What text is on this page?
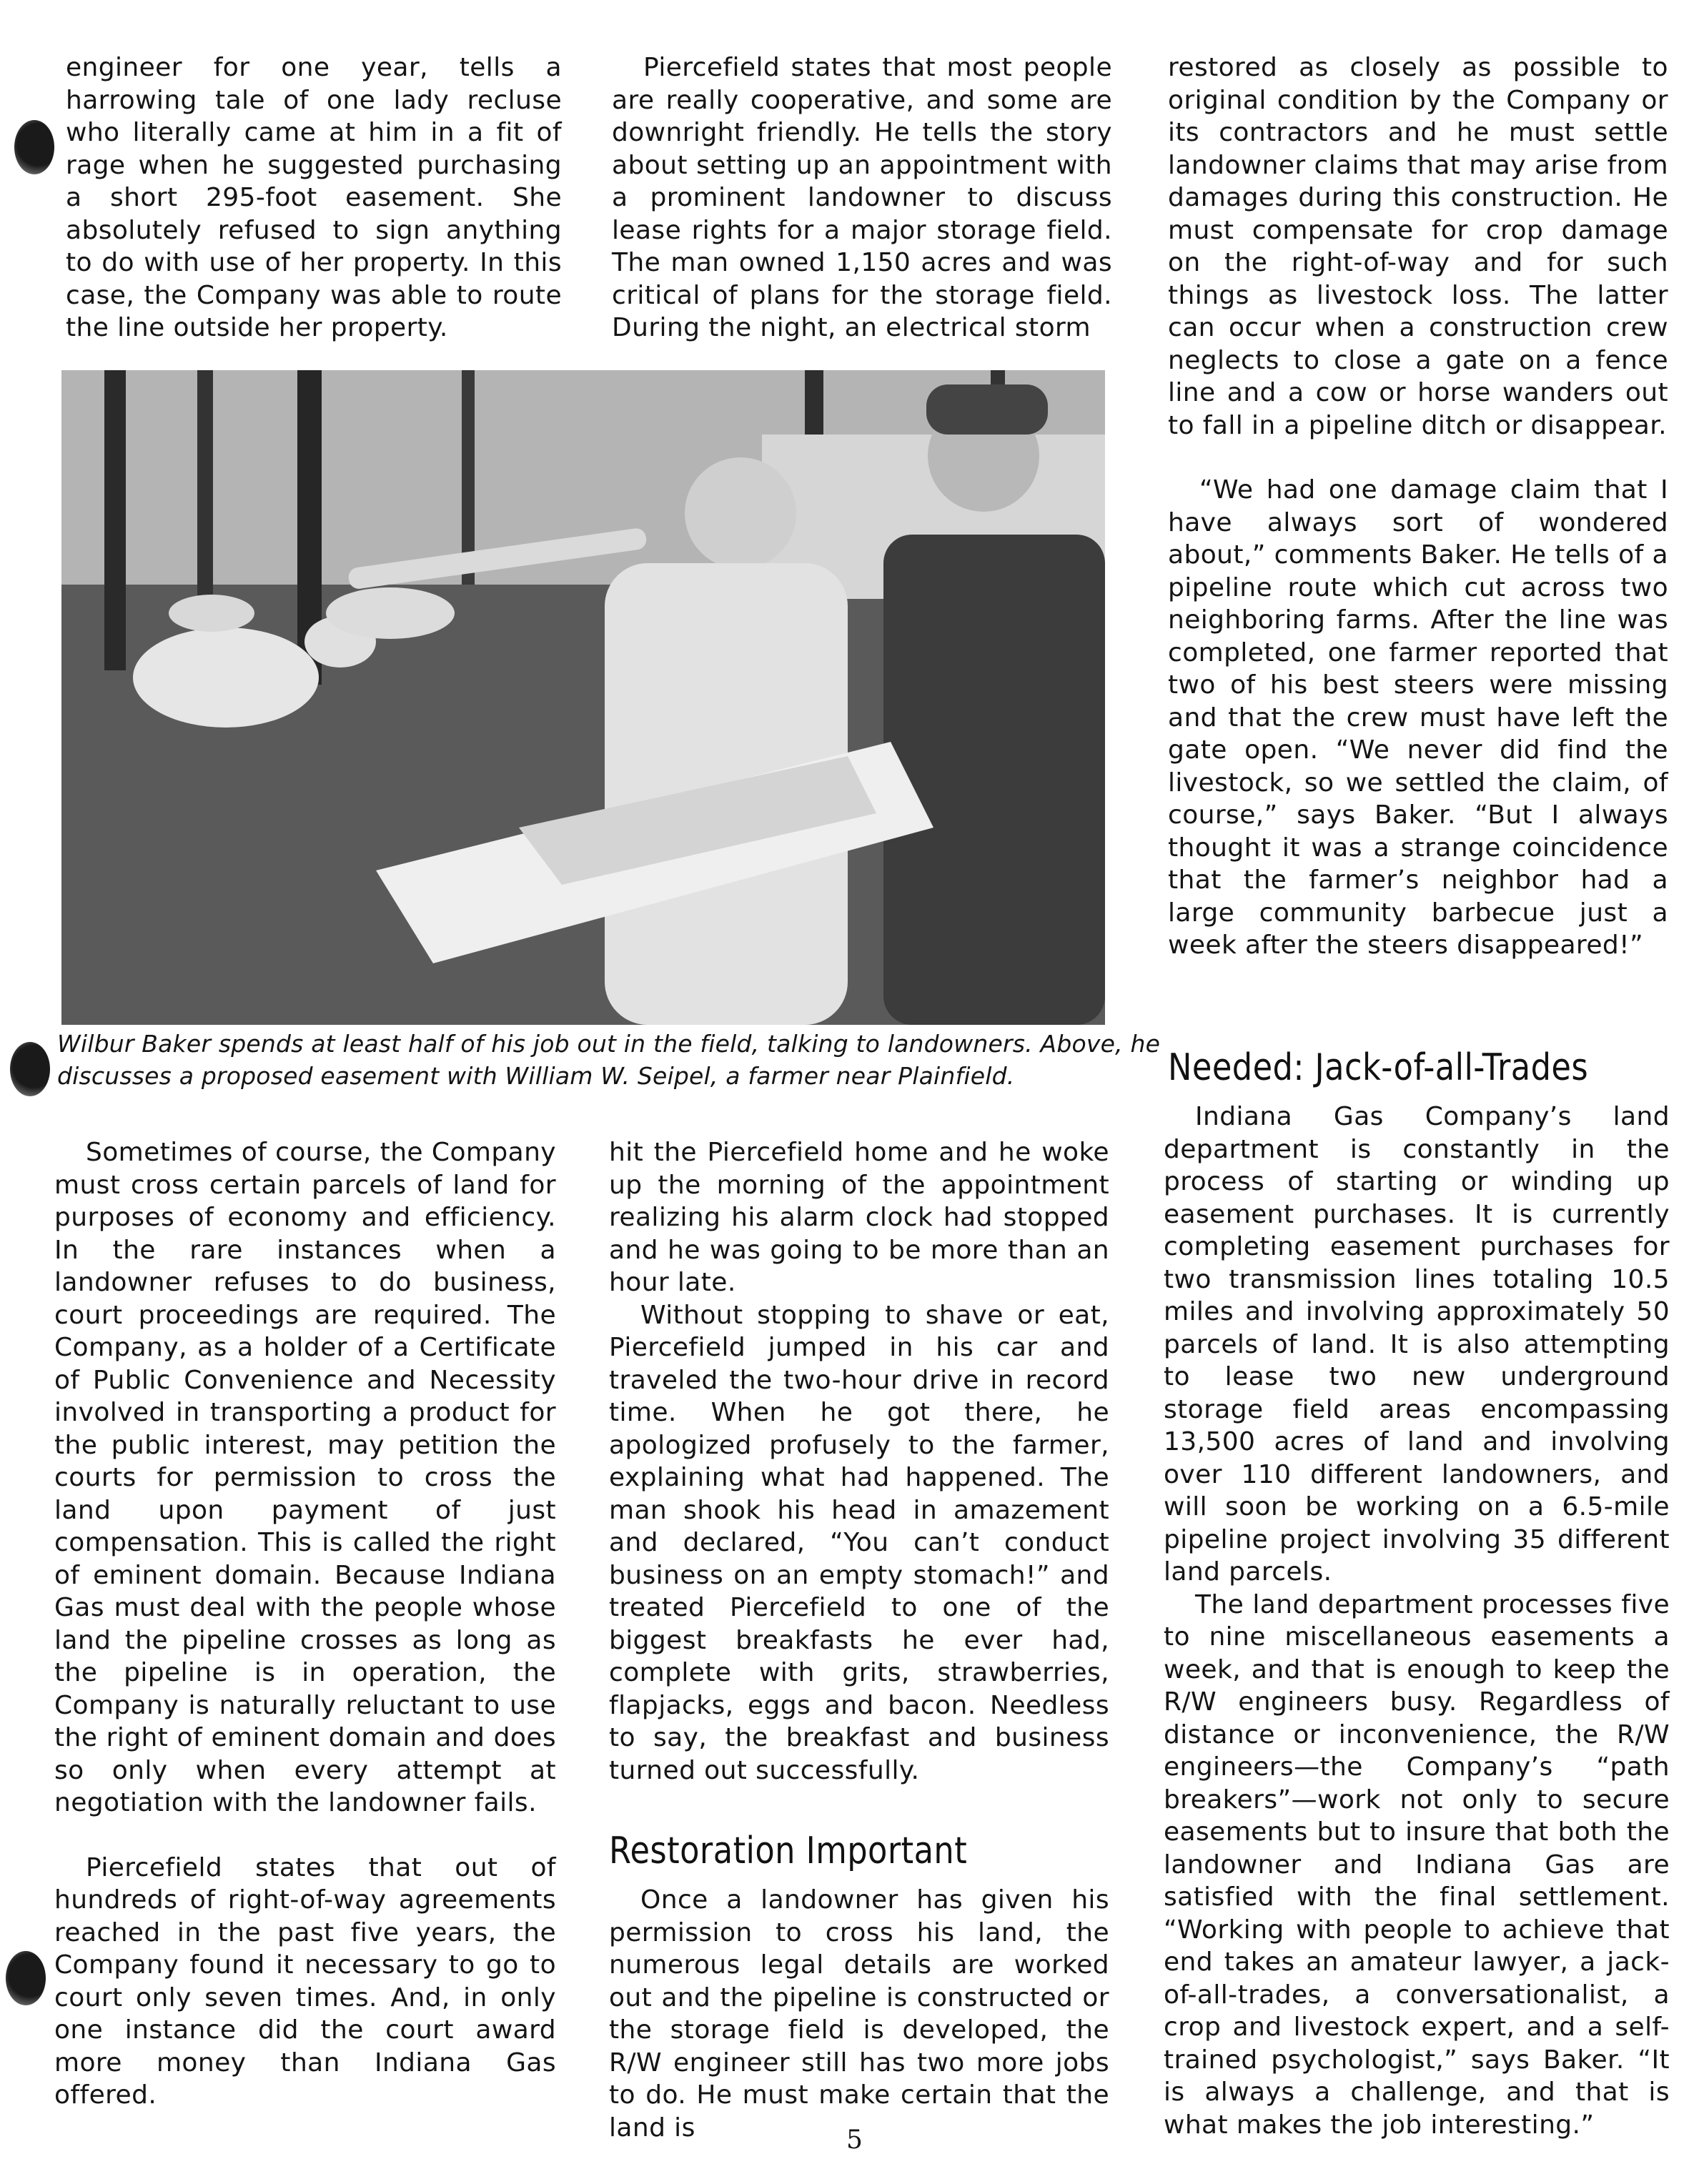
engineer for one year, tells a harrowing tale of one lady recluse who literally came at him in a fit of rage when he suggested purchasing a short 295-foot easement. She absolutely refused to sign anything to do with use of her property. In this case, the Company was able to route the line outside her property.

Piercefield states that most people are really cooperative, and some are downright friendly. He tells the story about setting up an appointment with a prominent landowner to discuss lease rights for a major storage field. The man owned 1,150 acres and was critical of plans for the storage field. During the night, an electrical storm

restored as closely as possible to original condition by the Company or its contractors and he must settle landowner claims that may arise from damages during this construction. He must compensate for crop damage on the right-of-way and for such things as livestock loss. The latter can occur when a construction crew neglects to close a gate on a fence line and a cow or horse wanders out to fall in a pipeline ditch or disappear.

“We had one damage claim that I have always sort of wondered about,” comments Baker. He tells of a pipeline route which cut across two neighboring farms. After the line was completed, one farmer reported that two of his best steers were missing and that the crew must have left the gate open. “We never did find the livestock, so we settled the claim, of course,” says Baker. “But I always thought it was a strange coincidence that the farmer’s neighbor had a large community barbecue just a week after the steers disappeared!”

Wilbur Baker spends at least half of his job out in the field, talking to landowners. Above, he discusses a proposed easement with William W. Seipel, a farmer near Plainfield.

Sometimes of course, the Company must cross certain parcels of land for purposes of economy and efficiency. In the rare instances when a landowner refuses to do business, court proceedings are required. The Company, as a holder of a Certificate of Public Convenience and Necessity involved in transporting a product for the public interest, may petition the courts for permission to cross the land upon payment of just compensation. This is called the right of eminent domain. Because Indiana Gas must deal with the people whose land the pipeline crosses as long as the pipeline is in operation, the Company is naturally reluctant to use the right of eminent domain and does so only when every attempt at negotiation with the landowner fails.

Piercefield states that out of hundreds of right-of-way agreements reached in the past five years, the Company found it necessary to go to court only seven times. And, in only one instance did the court award more money than Indiana Gas offered.

hit the Piercefield home and he woke up the morning of the appointment realizing his alarm clock had stopped and he was going to be more than an hour late.

Without stopping to shave or eat, Piercefield jumped in his car and traveled the two-hour drive in record time. When he got there, he apologized profusely to the farmer, explaining what had happened. The man shook his head in amazement and declared, “You can’t conduct business on an empty stomach!” and treated Piercefield to one of the biggest breakfasts he ever had, complete with grits, strawberries, flapjacks, eggs and bacon. Needless to say, the breakfast and business turned out successfully.

Restoration Important

Once a landowner has given his permission to cross his land, the numerous legal details are worked out and the pipeline is constructed or the storage field is developed, the R/W engineer still has two more jobs to do. He must make certain that the land is

Needed: Jack-of-all-Trades

Indiana Gas Company’s land department is constantly in the process of starting or winding up easement purchases. It is currently completing easement purchases for two transmission lines totaling 10.5 miles and involving approximately 50 parcels of land. It is also attempting to lease two new underground storage field areas encompassing 13,500 acres of land and involving over 110 different landowners, and will soon be working on a 6.5-mile pipeline project involving 35 different land parcels.

The land department processes five to nine miscellaneous easements a week, and that is enough to keep the R/W engineers busy. Regardless of distance or inconvenience, the R/W engineers—the Company’s “path breakers”—work not only to secure easements but to insure that both the landowner and Indiana Gas are satisfied with the final settlement. “Working with people to achieve that end takes an amateur lawyer, a jack-of-all-trades, a conversationalist, a crop and livestock expert, and a self-trained psychologist,” says Baker. “It is always a challenge, and that is what makes the job interesting.”

5
